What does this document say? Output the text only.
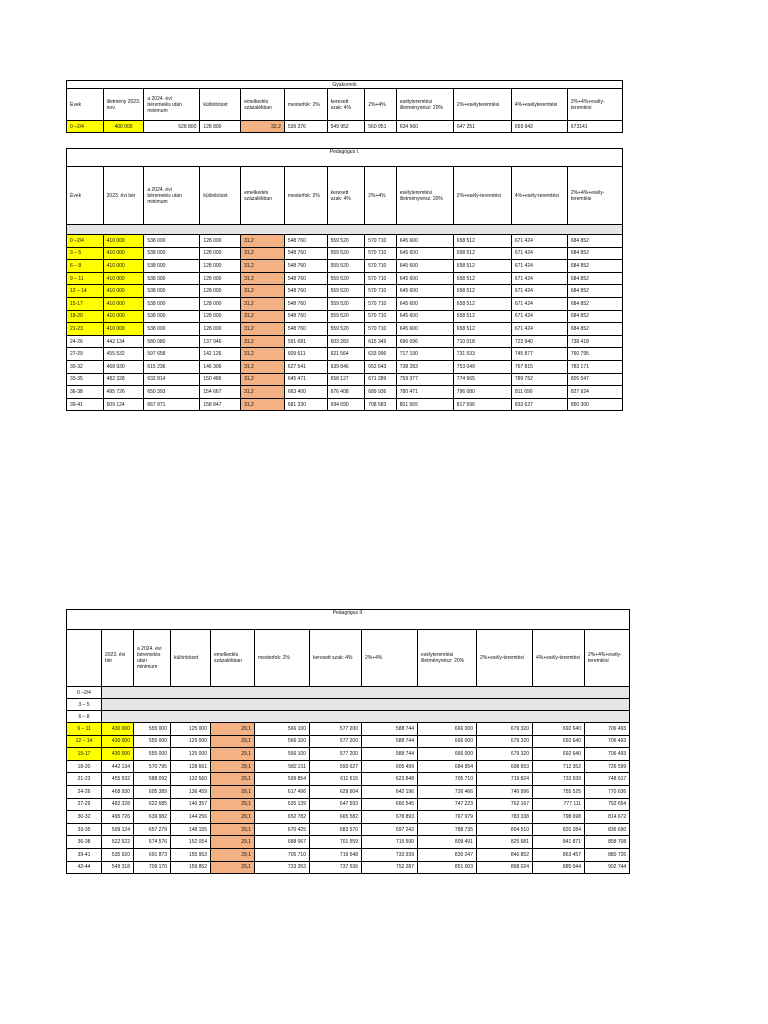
Gyakornok											
Évek	illetmény 2023. nov.	a 2024. évi béremelés után minimum	különbözet	emelkedés százalékban	mesterfok: 2%	keresett szak: 4%	2%+4%	esélyteremtési illetménynész: 20%	2%+esélyteremtési	4%+esélyteremtési	2%+4%+esély-teremtési
0 –2/4	400 000	528 800	128 800	32,2	539 376	549 952	560 951	634 560	647 251	659 942	673141
Pedagógus I.											
Évek	2023. évi bér	a 2024. évi béremelés után minimum	különbözet	emelkedés százalékban	mesterfok: 2%	keresett szak: 4%	2%+4%	esélyteremtési illetménynész: 20%	2%+esély-teremtési	4%+esély-teremtési	2%+4%+esély-teremtési

0 –2/4	410 000	538 000	128 000	31,2	548 760	559 520	570 710	645 600	658 512	671 424	684 852
3 – 5	410 000	538 000	128 000	31,2	548 760	559 520	570 710	645 600	658 512	671 424	684 852
6 – 8	410 000	538 000	128 000	31,2	548 760	559 520	570 710	645 600	658 512	671 424	684 852
9 – 11	410 000	538 000	128 000	31,2	548 760	559 520	570 710	645 600	658 512	671 424	684 852
12 – 14	410 000	538 000	128 000	31,2	548 760	559 520	570 710	645 600	658 512	671 424	684 852
15-17	410 000	538 000	128 000	31,2	548 760	559 520	570 710	645 600	658 512	671 424	684 852
18-20	410 000	538 000	128 000	31,2	548 760	559 520	570 710	645 600	658 512	671 424	684 852
21-23	410 000	538 000	128 000	31,2	548 760	559 520	570 710	645 600	658 512	671 424	684 852
24-26	442 134	580 080	137 946	31,2	591 681	603 283	615 349	696 096	710 018	723 940	738 418
27-29	455 532	597 658	142 126	31,2	609 611	621 564	633 996	717 190	731 533	745 877	760 795
30-32	468 930	615 236	146 306	31,2	627 541	639 846	652 643	738 283	753 049	767 815	783 171
33-35	482 328	632 814	150 486	31,2	645 471	658 127	671 289	759 377	774 565	789 752	805 547
36-38	495 726	650 393	154 667	31,2	663 400	676 408	689 936	780 471	796 080	811 690	827 924
39-41	509 124	667 971	158 847	31,2	681 330	694 690	708 583	801 565	817 596	833 627	850 300
Pedagógus II.											
	2023. évi bér	a 2024. évi béremelés után minimum	különbözet	emelkedés százalékban	mesterfok: 2%	keresett szak: 4%	2%+4%	esélyteremtési illetménynész: 20%	2%+esély-teremtési	4%+esély-teremtési	2%+4%+esély-teremtési
0 –2/4											
3 – 5											
6 – 8											
9 – 11	430 000	555 000	125 000	29,1	566 100	577 200	588 744	666 000	679 320	692 640	706 493
12 – 14	430 000	555 000	125 000	29,1	566 100	577 200	588 744	666 000	679 320	692 640	706 493
15-17	430 000	555 000	125 000	29,1	566 100	577 200	588 744	666 000	679 320	692 640	706 493
18-20	442 134	570 795	128 661	29,1	582 211	593 627	605 499	684 954	698 653	712 352	726 599
21-23	455 532	588 092	132 560	29,1	599 854	611 615	623 848	705 710	719 824	733 939	748 617
24-26	468 930	605 389	136 459	29,1	617 496	629 604	642 196	726 466	740 996	755 525	770 636
27-29	482 328	622 685	140 357	29,1	635 139	647 593	660 545	747 223	762 167	777 111	792 654
30-32	495 726	639 982	144 256	29,1	652 782	665 582	678 893	767 979	783 338	798 698	814 672
33-35	509 124	657 279	148 155	29,1	670 425	683 570	697 242	788 735	804 510	820 284	836 690
36-38	522 522	674 576	152 054	29,1	688 067	701 559	715 590	809 491	825 681	841 871	858 708
39-41	535 920	691 873	155 953	29,1	705 710	719 548	733 939	830 247	846 852	863 457	880 726
42-44	549 318	709 170	159 852	29,1	723 353	737 536	752 287	851 003	868 024	885 044	902 744
